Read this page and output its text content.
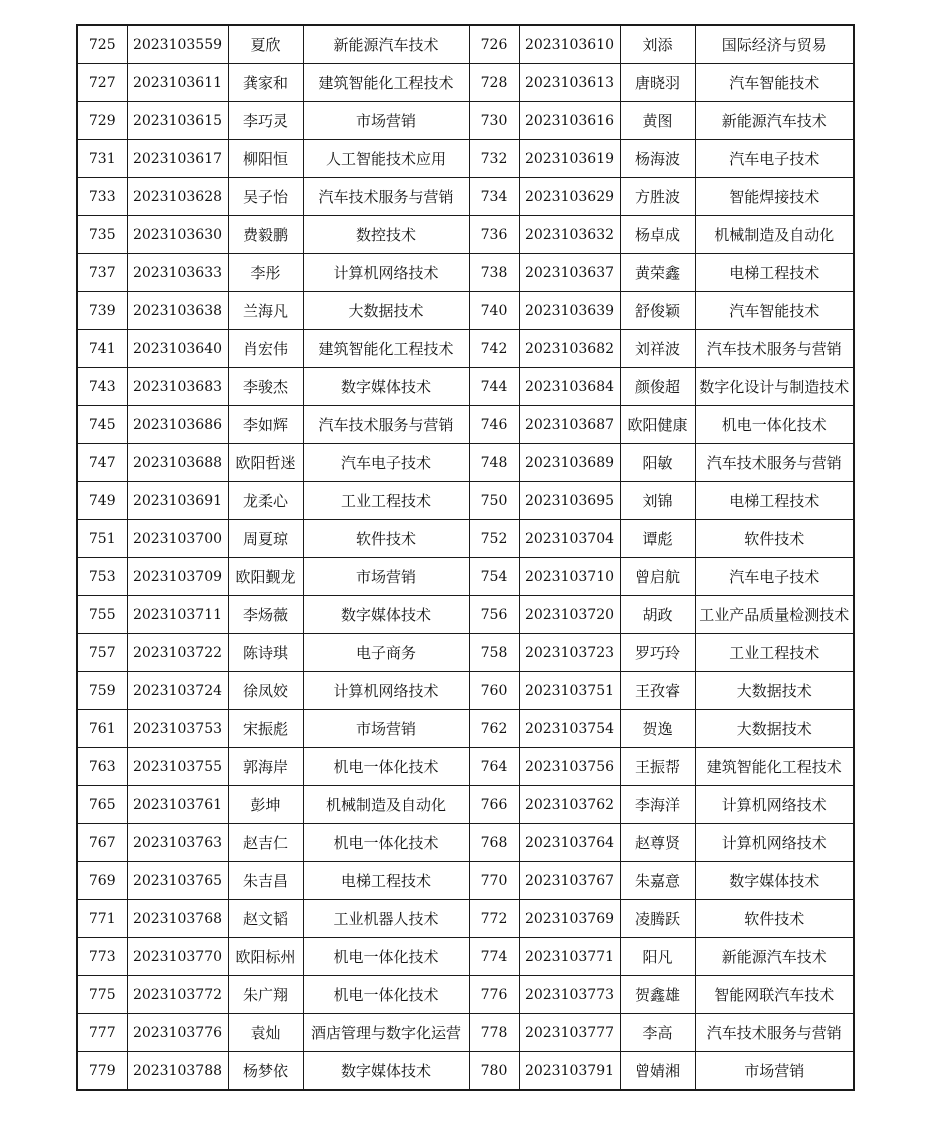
725	2023103559	夏欣	新能源汽车技术	726	2023103610	刘添	国际经济与贸易
727	2023103611	龚家和	建筑智能化工程技术	728	2023103613	唐晓羽	汽车智能技术
729	2023103615	李巧灵	市场营销	730	2023103616	黄图	新能源汽车技术
731	2023103617	柳阳恒	人工智能技术应用	732	2023103619	杨海波	汽车电子技术
733	2023103628	吴子怡	汽车技术服务与营销	734	2023103629	方胜波	智能焊接技术
735	2023103630	费毅鹏	数控技术	736	2023103632	杨卓成	机械制造及自动化
737	2023103633	李彤	计算机网络技术	738	2023103637	黄荣鑫	电梯工程技术
739	2023103638	兰海凡	大数据技术	740	2023103639	舒俊颖	汽车智能技术
741	2023103640	肖宏伟	建筑智能化工程技术	742	2023103682	刘祥波	汽车技术服务与营销
743	2023103683	李骏杰	数字媒体技术	744	2023103684	颜俊超	数字化设计与制造技术
745	2023103686	李如辉	汽车技术服务与营销	746	2023103687	欧阳健康	机电一体化技术
747	2023103688	欧阳哲迷	汽车电子技术	748	2023103689	阳敏	汽车技术服务与营销
749	2023103691	龙柔心	工业工程技术	750	2023103695	刘锦	电梯工程技术
751	2023103700	周夏琼	软件技术	752	2023103704	谭彪	软件技术
753	2023103709	欧阳觐龙	市场营销	754	2023103710	曾启航	汽车电子技术
755	2023103711	李炀薇	数字媒体技术	756	2023103720	胡政	工业产品质量检测技术
757	2023103722	陈诗琪	电子商务	758	2023103723	罗巧玲	工业工程技术
759	2023103724	徐凤姣	计算机网络技术	760	2023103751	王孜睿	大数据技术
761	2023103753	宋振彪	市场营销	762	2023103754	贺逸	大数据技术
763	2023103755	郭海岸	机电一体化技术	764	2023103756	王振帮	建筑智能化工程技术
765	2023103761	彭坤	机械制造及自动化	766	2023103762	李海洋	计算机网络技术
767	2023103763	赵吉仁	机电一体化技术	768	2023103764	赵尊贤	计算机网络技术
769	2023103765	朱吉昌	电梯工程技术	770	2023103767	朱嘉意	数字媒体技术
771	2023103768	赵文韬	工业机器人技术	772	2023103769	凌腾跃	软件技术
773	2023103770	欧阳标州	机电一体化技术	774	2023103771	阳凡	新能源汽车技术
775	2023103772	朱广翔	机电一体化技术	776	2023103773	贺鑫雄	智能网联汽车技术
777	2023103776	袁灿	酒店管理与数字化运营	778	2023103777	李高	汽车技术服务与营销
779	2023103788	杨梦依	数字媒体技术	780	2023103791	曾婧湘	市场营销
